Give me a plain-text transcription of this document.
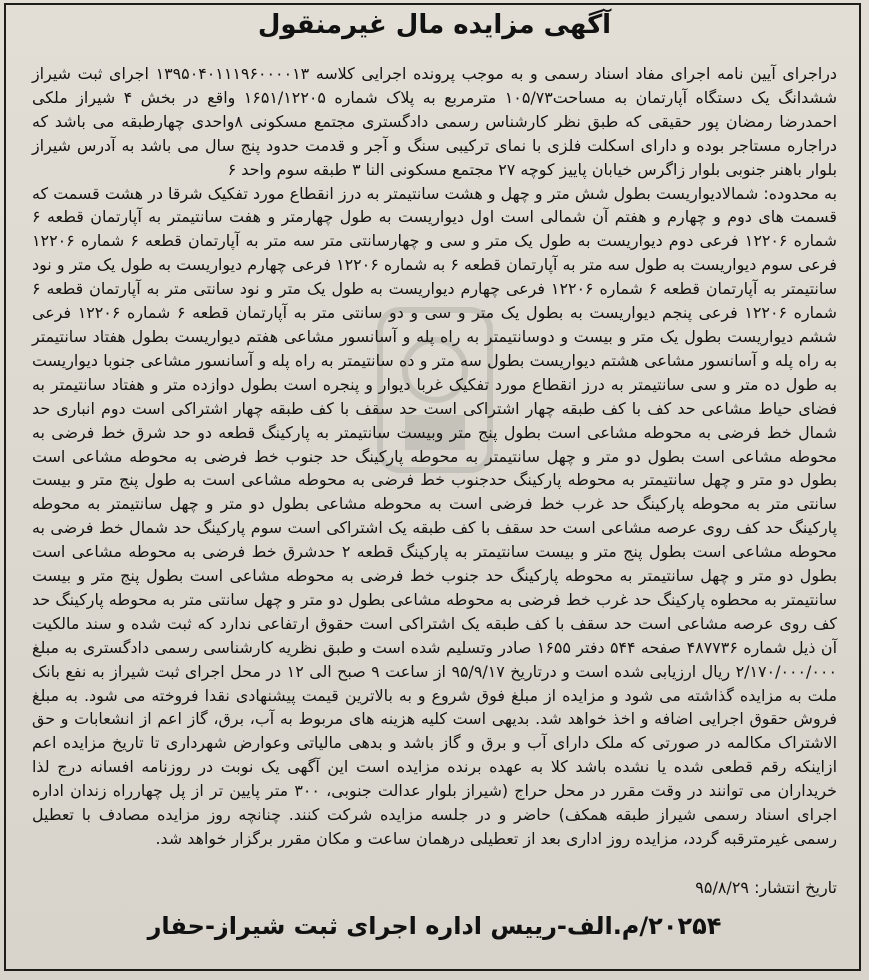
آگهی مزایده مال غیرمنقول

دراجرای آیین نامه اجرای مفاد اسناد رسمی و به موجب پرونده اجرایی کلاسه ۱۳۹۵۰۴۰۱۱۱۹۶۰۰۰۰۱۳ اجرای ثبت شیراز ششدانگ یک دستگاه آپارتمان به مساحت۱۰۵/۷۳ مترمربع به پلاک شماره ۱۶۵۱/۱۲۲۰۵ واقع در بخش ۴ شیراز ملکی احمدرضا رمضان پور حقیقی که طبق نظر کارشناس رسمی دادگستری مجتمع مسکونی ۸واحدی چهارطبقه می باشد که دراجاره مستاجر بوده و دارای اسکلت فلزی با نمای ترکیبی سنگ و آجر و قدمت حدود پنج سال می باشد به آدرس شیراز بلوار باهنر جنوبی بلوار زاگرس خیابان پاییز کوچه ۲۷ مجتمع مسکونی النا ۳ طبقه سوم واحد ۶

به محدوده: شمالادیواریست بطول شش متر و چهل و هشت سانتیمتر به درز انقطاع مورد تفکیک شرقا در هشت قسمت که قسمت های دوم و چهارم و هفتم آن شمالی است اول دیواریست به طول چهارمتر و هفت سانتیمتر به آپارتمان قطعه ۶ شماره ۱۲۲۰۶ فرعی دوم دیواریست به طول یک متر و سی و چهارسانتی متر سه متر به آپارتمان قطعه ۶ شماره ۱۲۲۰۶ فرعی سوم دیواریست به طول سه متر به آپارتمان قطعه ۶ به شماره ۱۲۲۰۶ فرعی چهارم دیواریست به طول یک متر و نود سانتیمتر به آپارتمان قطعه ۶ شماره ۱۲۲۰۶ فرعی چهارم دیواریست به طول یک متر و نود سانتی متر به آپارتمان قطعه ۶ شماره ۱۲۲۰۶ فرعی پنجم دیواریست به بطول یک متر و سی و دو سانتی متر به آپارتمان قطعه ۶ شماره ۱۲۲۰۶ فرعی ششم دیواریست بطول یک متر و بیست و دوسانتیمتر به راه پله و آسانسور مشاعی هفتم دیواریست بطول هفتاد سانتیمتر به راه پله و آسانسور مشاعی هشتم دیواریست بطول سه متر و ده سانتیمتر به راه پله و آسانسور مشاعی جنوبا دیواریست به طول ده متر و سی سانتیمتر به درز انقطاع مورد تفکیک غربا دیوار و پنجره است بطول دوازده متر و هفتاد سانتیمتر به فضای حیاط مشاعی حد کف با کف طبقه چهار اشتراکی است حد سقف با کف طبقه چهار اشتراکی است دوم انباری حد شمال خط فرضی به محوطه مشاعی است بطول پنج متر وبیست سانتیمتر به پارکینگ قطعه دو حد شرق خط فرضی به محوطه مشاعی است بطول دو متر و چهل سانتیمتر به محوطه پارکینگ حد جنوب خط فرضی به محوطه مشاعی است بطول دو متر و چهل سانتیمتر به محوطه پارکینگ حدجنوب خط فرضی به محوطه مشاعی است به طول پنج متر و بیست سانتی متر به محوطه پارکینگ حد غرب خط فرضی است به محوطه مشاعی بطول دو متر و چهل سانتیمتر به محوطه پارکینگ حد کف روی عرصه مشاعی است حد سقف با کف طبقه یک اشتراکی است سوم پارکینگ حد شمال خط فرضی به محوطه مشاعی است بطول پنج متر و بیست سانتیمتر به پارکینگ قطعه ۲ حدشرق خط فرضی به محوطه مشاعی است بطول دو متر و چهل سانتیمتر به محوطه پارکینگ حد جنوب خط فرضی به محوطه مشاعی است بطول پنج متر و بیست سانتیمتر به محطوه پارکینگ حد غرب خط فرضی به محوطه مشاعی بطول دو متر و چهل سانتی متر به محوطه پارکینگ حد کف روی عرصه مشاعی است حد سقف با کف طبقه یک اشتراکی است حقوق ارتفاعی ندارد که ثبت شده و سند مالکیت آن ذیل شماره ۴۸۷۷۳۶ صفحه ۵۴۴ دفتر ۱۶۵۵ صادر وتسلیم شده است و طبق نظریه کارشناسی رسمی دادگستری به مبلغ ۲/۱۷۰/۰۰۰/۰۰۰ ریال ارزیابی شده است و درتاریخ ۹۵/۹/۱۷ از ساعت ۹ صبح الی ۱۲ در محل اجرای ثبت شیراز به نفع بانک ملت به مزایده گذاشته می شود و مزایده از مبلغ فوق شروع و به بالاترین قیمت پیشنهادی نقدا فروخته می شود. به مبلغ فروش حقوق اجرایی اضافه و اخذ خواهد شد. بدیهی است کلیه هزینه های مربوط به آب، برق، گاز اعم از انشعابات و حق الاشتراک مکالمه در صورتی که ملک دارای آب و برق و گاز باشد و بدهی مالیاتی وعوارض شهرداری تا تاریخ مزایده اعم ازاینکه رقم قطعی شده یا نشده باشد کلا به عهده برنده مزایده است این آگهی یک نوبت در روزنامه افسانه درج لذا خریداران می توانند در وقت مقرر در محل حراج (شیراز بلوار عدالت جنوبی، ۳۰۰ متر پایین تر از پل چهارراه زندان اداره اجرای اسناد رسمی شیراز طبقه همکف) حاضر و در جلسه مزایده شرکت کنند. چنانچه روز مزایده مصادف با تعطیل رسمی غیرمترقبه گردد، مزایده روز اداری بعد از تعطیلی درهمان ساعت و مکان مقرر برگزار خواهد شد.

تاریخ انتشار: ۹۵/۸/۲۹
۲۰۲۵۴/م.الف-رییس اداره اجرای ثبت شیراز-حفار
